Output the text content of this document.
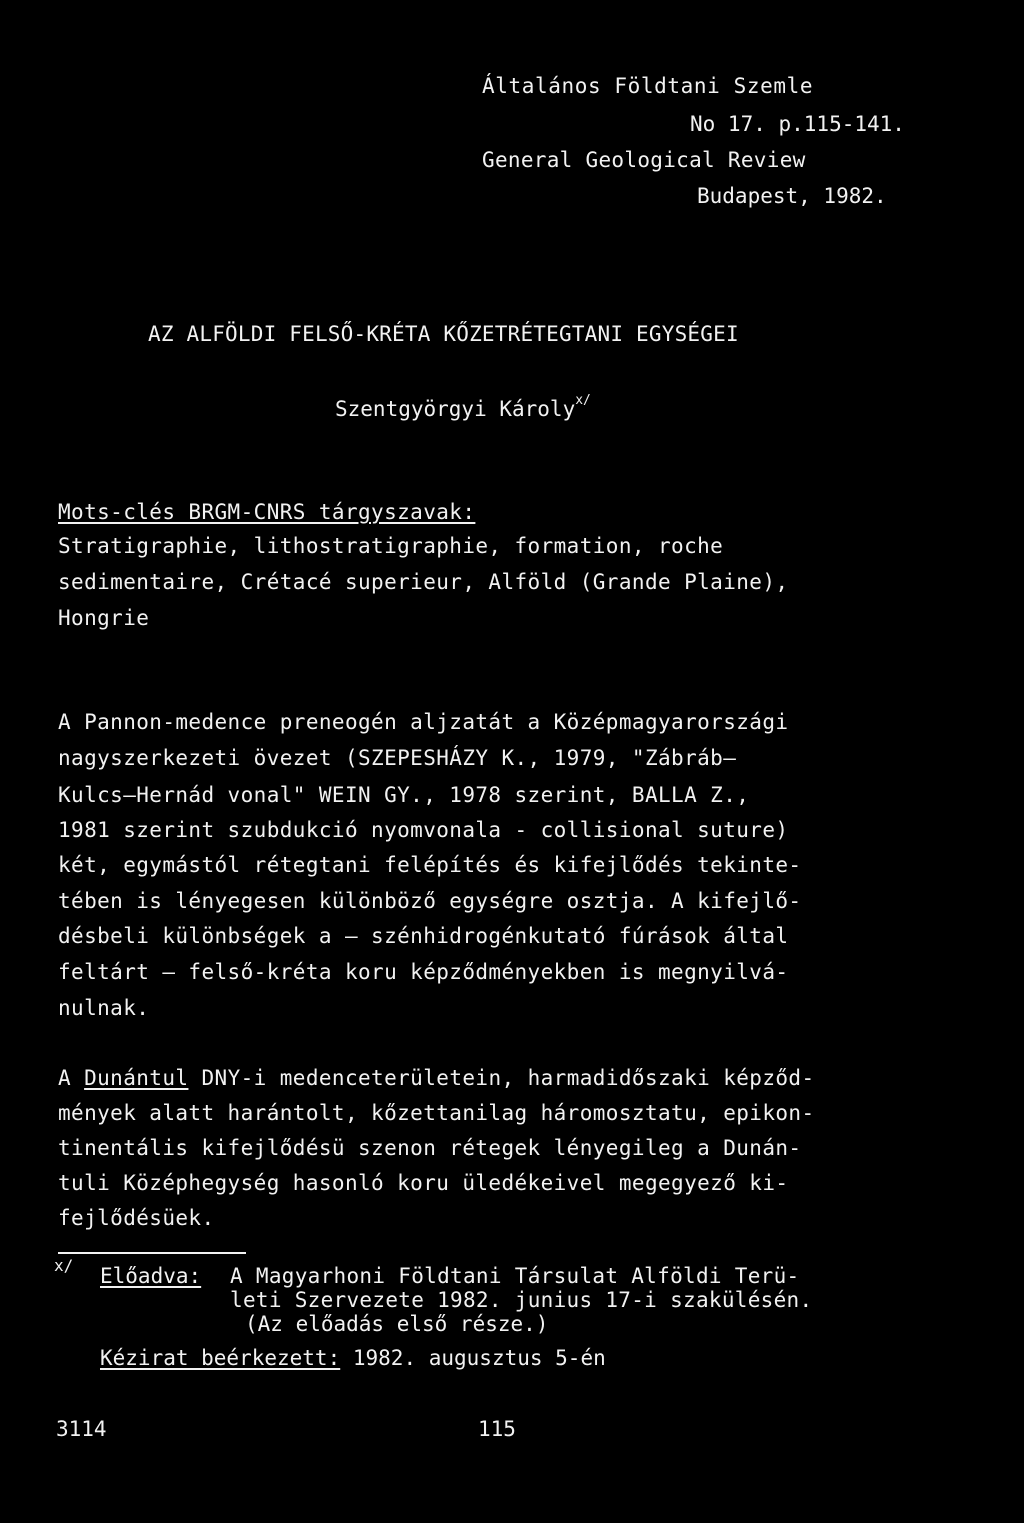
Általános Földtani Szemle
No 17. p.115-141.
General Geological Review
Budapest, 1982.
AZ ALFÖLDI FELSŐ-KRÉTA KŐZETRÉTEGTANI EGYSÉGEI
Szentgyörgyi Károly$^{x/}$
Mots-clés BRGM-CNRS tárgyszavak:
Stratigraphie, lithostratigraphie, formation, roche
sedimentaire, Crétacé superieur, Alföld (Grande Plaine),
Hongrie
A Pannon-medence preneogén aljzatát a Középmagyarországi
nagyszerkezeti övezet (SZEPESHÁZY K., 1979, "Zábráb—
Kulcs—Hernád vonal" WEIN GY., 1978 szerint, BALLA Z.,
1981 szerint szubdukció nyomvonala - collisional suture)
két, egymástól rétegtani felépítés és kifejlődés tekinte-
tében is lényegesen különböző egységre osztja. A kifejlő-
désbeli különbségek a — szénhidrogénkutató fúrások által
feltárt — felső-kréta koru képződményekben is megnyilvá-
nulnak.
A Dunántul DNY-i medenceterületein, harmadidőszaki képződ-
mények alatt harántolt, kőzettanilag háromosztatu, epikon-
tinentális kifejlődésü szenon rétegek lényegileg a Dunán-
tuli Középhegység hasonló koru üledékeivel megegyező ki-
fejlődésüek.
x/ Előadva: A Magyarhoni Földtani Társulat Alföldi Terü-
leti Szervezete 1982. junius 17-i szakülésén.
(Az előadás első része.)
Kézirat beérkezett: 1982. augusztus 5-én
3114	115
